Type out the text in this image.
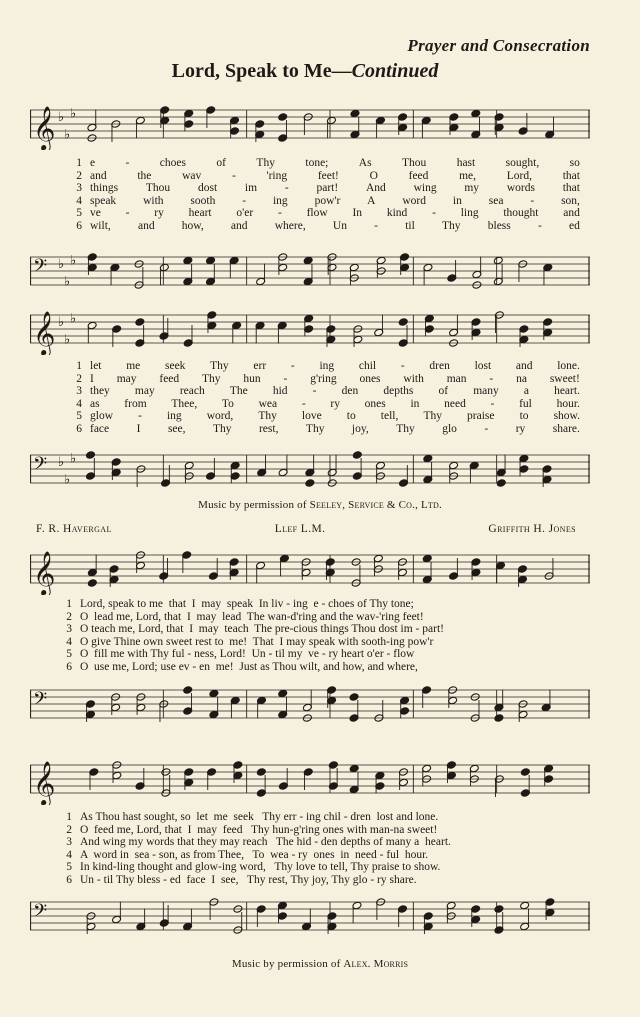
Prayer and Consecration
Lord, Speak to Me—Continued
𝄞 ♭
♭
♭
1 e	-	choes	of	Thy	tone;	As	Thou	hast	sought,	so
2 and	the	wav	-	'ring	feet!	O	feed	me,	Lord,	that
3 things Thou dost im - part! And wing my words that
4 speak with sooth - ing pow'r A word in sea - son,
5 ve - ry heart o'er - flow In kind - ling thought and
6 wilt, and how, and where, Un - til Thy bless - ed
𝄢 ♭
♭
♭
𝄞 ♭
♭
♭
1 let me seek Thy err - ing chil - dren lost and lone.
2 I may feed Thy hun - g'ring ones with man - na sweet!
3 they may reach The hid - den depths of many a heart.
4 as from Thee, To wea - ry ones in need - ful hour.
5 glow - ing word, Thy love to tell, Thy praise to show.
6 face I see, Thy rest, Thy joy, Thy glo - ry share.
𝄢 ♭
♭
♭
Music by permission of Seeley, Service & Co., Ltd.
F. R. Havergal	Llef L.M.	Griffith H. Jones
𝄞
1 Lord, speak to me  that  I  may  speak  In liv - ing  e - choes of Thy tone;
2 O  lead me, Lord, that  I  may  lead  The wan-d'ring and the wav-'ring feet!
3 O teach me, Lord, that  I  may  teach  The pre-cious things Thou dost im - part!
4 O give Thine own sweet rest to  me!  That  I may speak with sooth-ing pow'r
5 O  fill me with Thy ful - ness, Lord!  Un - til my  ve - ry heart o'er - flow
6 O  use me, Lord; use ev - en  me!  Just as Thou wilt, and how, and where,
𝄢
𝄞
1 As Thou hast sought, so  let  me  seek   Thy err - ing chil - dren  lost and lone.
2 O  feed me, Lord, that  I  may  feed   Thy hun-g'ring ones with man-na sweet!
3 And wing my words that they may reach   The hid - den depths of many a  heart.
4 A  word in  sea - son, as from Thee,   To  wea - ry  ones  in  need - ful  hour.
5 In kind-ling thought and glow-ing word,   Thy love to tell, Thy praise to show.
6 Un - til Thy bless - ed  face  I  see,   Thy rest, Thy joy, Thy glo - ry share.
𝄢
Music by permission of Alex. Morris
